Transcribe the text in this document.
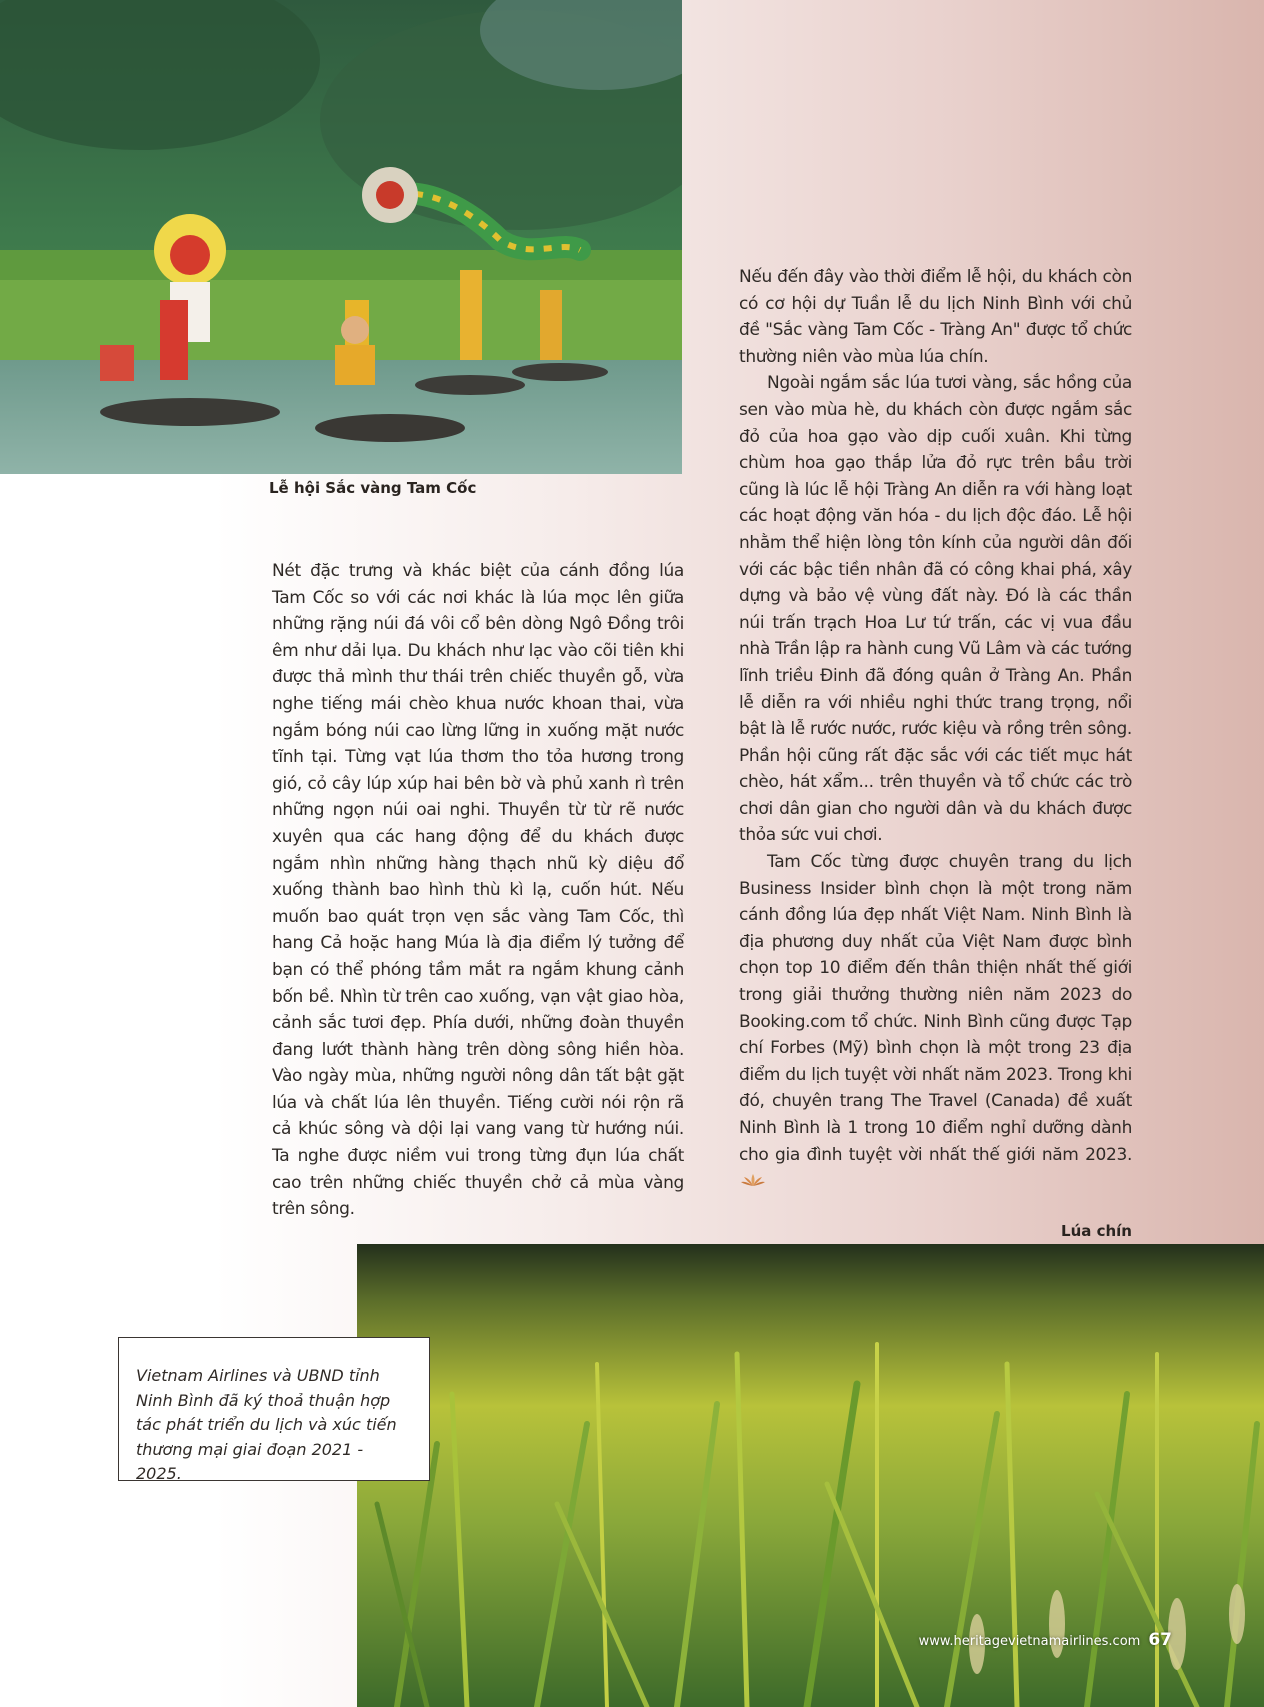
Lễ hội Sắc vàng Tam Cốc

Nét đặc trưng và khác biệt của cánh đồng lúa Tam Cốc so với các nơi khác là lúa mọc lên giữa những rặng núi đá vôi cổ bên dòng Ngô Đồng trôi êm như dải lụa. Du khách như lạc vào cõi tiên khi được thả mình thư thái trên chiếc thuyền gỗ, vừa nghe tiếng mái chèo khua nước khoan thai, vừa ngắm bóng núi cao lừng lững in xuống mặt nước tĩnh tại. Từng vạt lúa thơm tho tỏa hương trong gió, cỏ cây lúp xúp hai bên bờ và phủ xanh rì trên những ngọn núi oai nghi. Thuyền từ từ rẽ nước xuyên qua các hang động để du khách được ngắm nhìn những hàng thạch nhũ kỳ diệu đổ xuống thành bao hình thù kì lạ, cuốn hút. Nếu muốn bao quát trọn vẹn sắc vàng Tam Cốc, thì hang Cả hoặc hang Múa là địa điểm lý tưởng để bạn có thể phóng tầm mắt ra ngắm khung cảnh bốn bề. Nhìn từ trên cao xuống, vạn vật giao hòa, cảnh sắc tươi đẹp. Phía dưới, những đoàn thuyền đang lướt thành hàng trên dòng sông hiền hòa. Vào ngày mùa, những người nông dân tất bật gặt lúa và chất lúa lên thuyền. Tiếng cười nói rộn rã cả khúc sông và dội lại vang vang từ hướng núi. Ta nghe được niềm vui trong từng đụn lúa chất cao trên những chiếc thuyền chở cả mùa vàng trên sông.

Nếu đến đây vào thời điểm lễ hội, du khách còn có cơ hội dự Tuần lễ du lịch Ninh Bình với chủ đề "Sắc vàng Tam Cốc - Tràng An" được tổ chức thường niên vào mùa lúa chín.

Ngoài ngắm sắc lúa tươi vàng, sắc hồng của sen vào mùa hè, du khách còn được ngắm sắc đỏ của hoa gạo vào dịp cuối xuân. Khi từng chùm hoa gạo thắp lửa đỏ rực trên bầu trời cũng là lúc lễ hội Tràng An diễn ra với hàng loạt các hoạt động văn hóa - du lịch độc đáo. Lễ hội nhằm thể hiện lòng tôn kính của người dân đối với các bậc tiền nhân đã có công khai phá, xây dựng và bảo vệ vùng đất này. Đó là các thần núi trấn trạch Hoa Lư tứ trấn, các vị vua đầu nhà Trần lập ra hành cung Vũ Lâm và các tướng lĩnh triều Đinh đã đóng quân ở Tràng An. Phần lễ diễn ra với nhiều nghi thức trang trọng, nổi bật là lễ rước nước, rước kiệu và rồng trên sông. Phần hội cũng rất đặc sắc với các tiết mục hát chèo, hát xẩm... trên thuyền và tổ chức các trò chơi dân gian cho người dân và du khách được thỏa sức vui chơi.

Tam Cốc từng được chuyên trang du lịch Business Insider bình chọn là một trong năm cánh đồng lúa đẹp nhất Việt Nam. Ninh Bình là địa phương duy nhất của Việt Nam được bình chọn top 10 điểm đến thân thiện nhất thế giới trong giải thưởng thường niên năm 2023 do Booking.com tổ chức. Ninh Bình cũng được Tạp chí Forbes (Mỹ) bình chọn là một trong 23 địa điểm du lịch tuyệt vời nhất năm 2023. Trong khi đó, chuyên trang The Travel (Canada) đề xuất Ninh Bình là 1 trong 10 điểm nghỉ dưỡng dành cho gia đình tuyệt vời nhất thế giới năm 2023.

Lúa chín
Vietnam Airlines và UBND tỉnh Ninh Bình đã ký thoả thuận hợp tác phát triển du lịch và xúc tiến thương mại giai đoạn 2021 - 2025.
www.heritagevietnamairlines.com 67
